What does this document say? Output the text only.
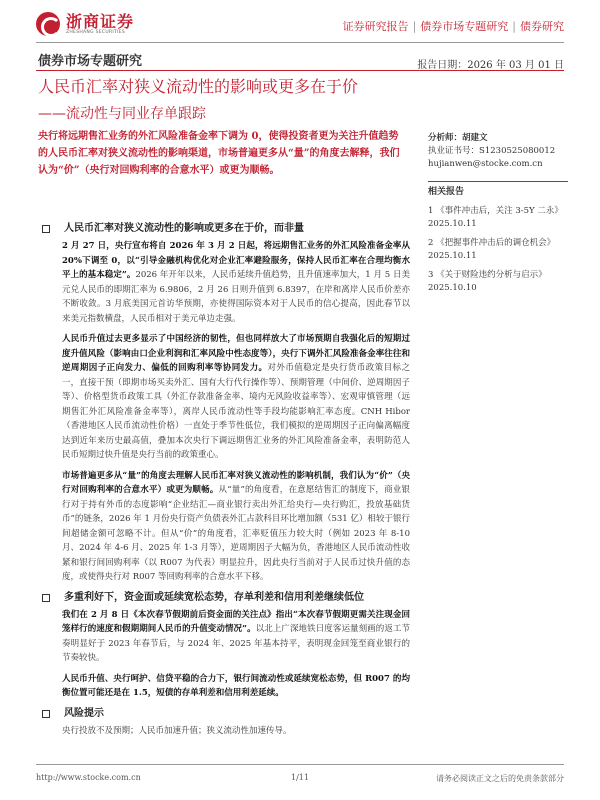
浙商证券
ZHESHANG SECURITIES	证券研究报告 | 债券市场专题研究 | 债券研究
债券市场专题研究	报告日期：2026 年 03 月 01 日
人民币汇率对狭义流动性的影响或更多在于价
——流动性与同业存单跟踪
央行将远期售汇业务的外汇风险准备金率下调为 0，使得投资者更为关注升值趋势的人民币汇率对狭义流动性的影响渠道，市场普遍更多从“量”的角度去解释，我们认为“价”（央行对回购利率的合意水平）或更为顺畅。
分析师：胡建文
执业证书号：S1230525080012
hujianwen@stocke.com.cn
相关报告
1 《事件冲击后，关注 3-5Y 二永》 2025.10.11
2 《把握事件冲击后的调仓机会》 2025.10.11
3 《关于财险违约分析与启示》 2025.10.10
人民币汇率对狭义流动性的影响或更多在于价，而非量

2 月 27 日，央行宣布将自 2026 年 3 月 2 日起，将远期售汇业务的外汇风险准备金率从 20%下调至 0，以“引导金融机构优化对企业汇率避险服务，保持人民币汇率在合理均衡水平上的基本稳定”。2026 年开年以来，人民币延续升值趋势，且升值速率加大，1 月 5 日美元兑人民币的即期汇率为 6.9806，2 月 26 日则升值到 6.8397，在岸和离岸人民币价差亦不断收敛。3 月底美国元首访华预期，亦使得国际资本对于人民币的信心提高，因此春节以来美元指数横盘，人民币相对于美元单边走强。

人民币升值过去更多显示了中国经济的韧性，但也同样放大了市场预期自我强化后的短期过度升值风险（影响由口企业利润和汇率风险中性态度等），央行下调外汇风险准备金率往往和逆周期因子正向发力、偏低的回购利率等协同发力。对外币值稳定是央行货币政策目标之一，直接干预（即期市场买卖外汇、国有大行代行操作等）、预期管理（中间价、逆周期因子等）、价格型货币政策工具（外汇存款准备金率、境内无风险收益率等）、宏观审慎管理（远期售汇外汇风险准备金率等），离岸人民币流动性等手段均能影响汇率态度。CNH Hibor（香港地区人民币流动性价格）一直处于季节性低位，我们模拟的逆周期因子正向偏离幅度达到近年来历史最高值，叠加本次央行下调远期售汇业务的外汇风险准备金率，表明防范人民币短期过快升值是央行当前的政策重心。

市场普遍更多从“量”的角度去理解人民币汇率对狭义流动性的影响机制，我们认为“价”（央行对回购利率的合意水平）或更为顺畅。从“量”的角度看，在意愿结售汇的制度下，商业银行对于持有外币的态度影响“企业结汇—商业银行卖出外汇给央行—央行购汇，投放基础货币”的链条，2026 年 1 月份央行资产负债表外汇占款科目环比增加额（531 亿）相较于银行间超储金额可忽略不计。但从“价”的角度看，汇率贬值压力较大时（例如 2023 年 8-10 月、2024 年 4-6 月、2025 年 1-3 月等），逆周期因子大幅为负，香港地区人民币流动性收紧和银行间回购利率（以 R007 为代表）明显拉升，因此央行当前对于人民币过快升值的态度，或使得央行对 R007 等回购利率的合意水平下移。

多重利好下，资金面或延续宽松态势，存单利差和信用利差继续低位

我们在 2 月 8 日《本次春节假期前后资金面的关注点》指出“本次春节假期更需关注现金回笼样行的速度和假期期间人民币的升值变动情况”。以北上广深地铁日度客运量刻画的返工节奏明显好于 2023 年春节后，与 2024 年、2025 年基本持平，表明现金回笼至商业银行的节奏较快。

人民币升值、央行呵护、信贷平稳的合力下，银行间流动性或延续宽松态势，但 R007 的均衡位置可能还是在 1.5，短债的存单利差和信用利差延续。

风险提示

央行投放不及预期；人民币加速升值；狭义流动性加速传导。

http://www.stocke.com.cn	1/11	请务必阅读正文之后的免责条款部分
